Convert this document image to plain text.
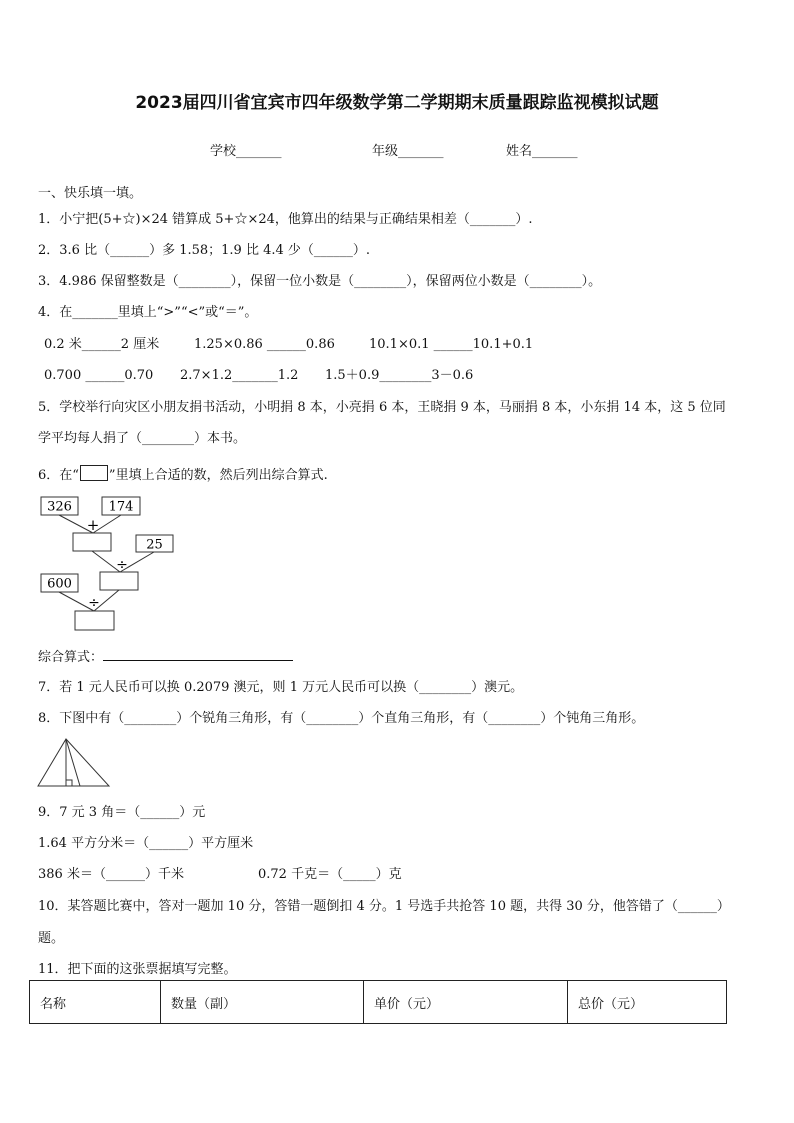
2023届四川省宜宾市四年级数学第二学期期末质量跟踪监视模拟试题
学校_______	年级_______	姓名_______
一、快乐填一填。
1．小宁把(5+☆)×24 错算成 5+☆×24，他算出的结果与正确结果相差（_______）.
2．3.6 比（______）多 1.58；1.9 比 4.4 少（______）.
3．4.986 保留整数是（________），保留一位小数是（________），保留两位小数是（________）。
4．在_______里填上“>”“<”或“＝”。
0.2 米______2 厘米	1.25×0.86 ______0.86	10.1×0.1 ______10.1+0.1
0.700 ______0.70 2.7×1.2_______1.2 1.5＋0.9________3－0.6
5．学校举行向灾区小朋友捐书活动，小明捐 8 本，小亮捐 6 本，王晓捐 9 本，马丽捐 8 本，小东捐 14 本，这 5 位同
学平均每人捐了（________）本书。
6．在“ ”里填上合适的数，然后列出综合算式.
326	174
+
25
÷
600
÷
综合算式：
7．若 1 元人民币可以换 0.2079 澳元，则 1 万元人民币可以换（________）澳元。
8．下图中有（________）个锐角三角形，有（________）个直角三角形，有（________）个钝角三角形。
9．7 元 3 角＝（______）元
1.64 平方分米＝（______）平方厘米
386 米＝（______）千米	0.72 千克＝（_____）克
10．某答题比赛中，答对一题加 10 分，答错一题倒扣 4 分。1 号选手共抢答 10 题，共得 30 分，他答错了（______）
题。
11．把下面的这张票据填写完整。
名称	数量（副）	单价（元）	总价（元）
